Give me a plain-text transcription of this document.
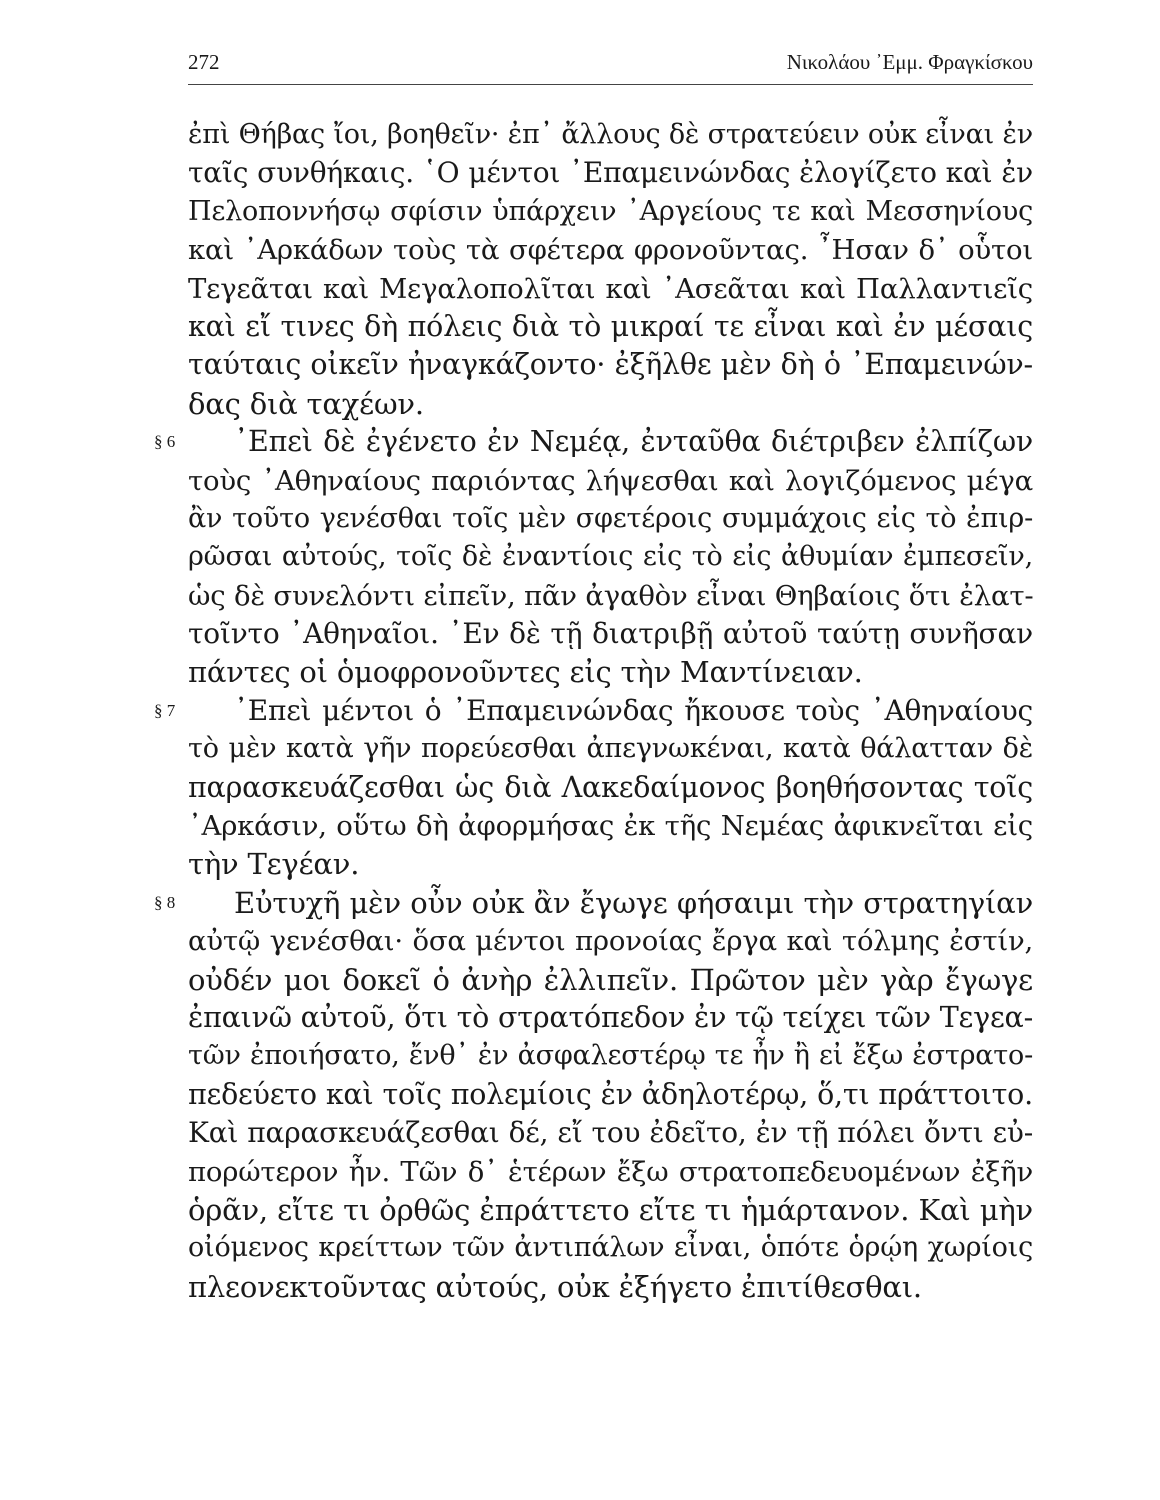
272	Νικολάου ᾿Εμμ. Φραγκίσκου
ἐπὶ Θήβας ἴοι, βοηθεῖν· ἐπ᾿ ἄλλους δὲ στρατεύειν οὐκ εἶναι ἐν
ταῖς συνθήκαις. ῾Ο μέντοι ᾿Επαμεινώνδας ἐλογίζετο καὶ ἐν
Πελοποννήσῳ σφίσιν ὑπάρχειν ᾿Αργείους τε καὶ Μεσσηνίους
καὶ ᾿Αρκάδων τοὺς τὰ σφέτερα φρονοῦντας. ῏Ησαν δ᾿ οὗτοι
Τεγεᾶται καὶ Μεγαλοπολῖται καὶ ᾿Ασεᾶται καὶ Παλλαντιεῖς
καὶ εἴ τινες δὴ πόλεις διὰ τὸ μικραί τε εἶναι καὶ ἐν μέσαις
ταύταις οἰκεῖν ἠναγκάζοντο· ἐξῆλθε μὲν δὴ ὁ ᾿Επαμεινών-
δας διὰ ταχέων.
§ 6	᾿Επεὶ δὲ ἐγένετο ἐν Νεμέᾳ, ἐνταῦθα διέτριβεν ἐλπίζων
τοὺς ᾿Αθηναίους παριόντας λήψεσθαι καὶ λογιζόμενος μέγα
ἂν τοῦτο γενέσθαι τοῖς μὲν σφετέροις συμμάχοις εἰς τὸ ἐπιρ-
ρῶσαι αὐτούς, τοῖς δὲ ἐναντίοις εἰς τὸ εἰς ἀθυμίαν ἐμπεσεῖν,
ὡς δὲ συνελόντι εἰπεῖν, πᾶν ἀγαθὸν εἶναι Θηβαίοις ὅτι ἐλατ-
τοῖντο ᾿Αθηναῖοι. ᾿Εν δὲ τῇ διατριβῇ αὐτοῦ ταύτῃ συνῆσαν
πάντες οἱ ὁμοφρονοῦντες εἰς τὴν Μαντίνειαν.
§ 7	᾿Επεὶ μέντοι ὁ ᾿Επαμεινώνδας ἤκουσε τοὺς ᾿Αθηναίους
τὸ μὲν κατὰ γῆν πορεύεσθαι ἀπεγνωκέναι, κατὰ θάλατταν δὲ
παρασκευάζεσθαι ὡς διὰ Λακεδαίμονος βοηθήσοντας τοῖς
᾿Αρκάσιν, οὕτω δὴ ἀφορμήσας ἐκ τῆς Νεμέας ἀφικνεῖται εἰς
τὴν Τεγέαν.
§ 8	Εὐτυχῆ μὲν οὖν οὐκ ἂν ἔγωγε φήσαιμι τὴν στρατηγίαν
αὐτῷ γενέσθαι· ὅσα μέντοι προνοίας ἔργα καὶ τόλμης ἐστίν,
οὐδέν μοι δοκεῖ ὁ ἀνὴρ ἐλλιπεῖν. Πρῶτον μὲν γὰρ ἔγωγε
ἐπαινῶ αὐτοῦ, ὅτι τὸ στρατόπεδον ἐν τῷ τείχει τῶν Τεγεα-
τῶν ἐποιήσατο, ἔνθ᾿ ἐν ἀσφαλεστέρῳ τε ἦν ἢ εἰ ἔξω ἐστρατο-
πεδεύετο καὶ τοῖς πολεμίοις ἐν ἀδηλοτέρῳ, ὅ,τι πράττοιτο.
Καὶ παρασκευάζεσθαι δέ, εἴ του ἐδεῖτο, ἐν τῇ πόλει ὄντι εὐ-
πορώτερον ἦν. Τῶν δ᾿ ἑτέρων ἔξω στρατοπεδευομένων ἐξῆν
ὁρᾶν, εἴτε τι ὀρθῶς ἐπράττετο εἴτε τι ἡμάρτανον. Καὶ μὴν
οἰόμενος κρείττων τῶν ἀντιπάλων εἶναι, ὁπότε ὁρῴη χωρίοις
πλεονεκτοῦντας αὐτούς, οὐκ ἐξήγετο ἐπιτίθεσθαι.
